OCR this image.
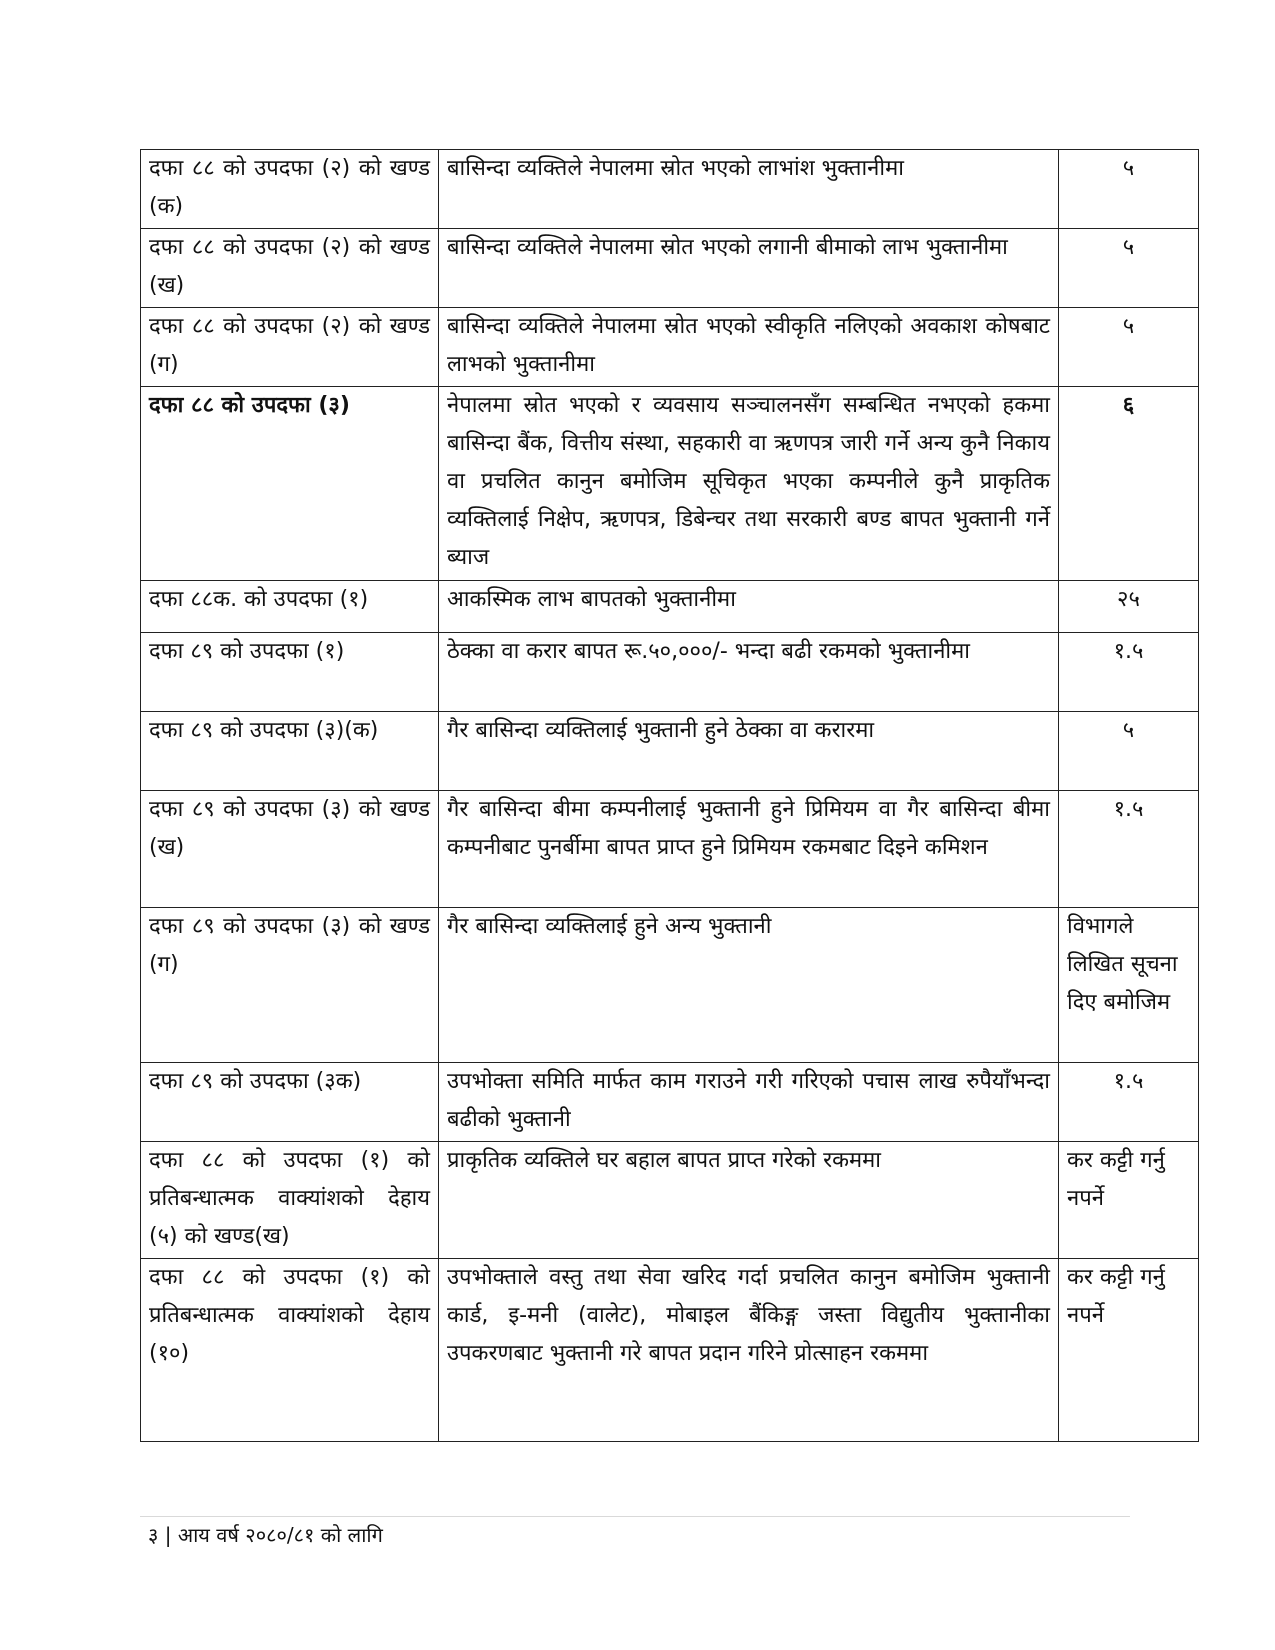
दफा ८८ को उपदफा (२) को खण्ड (क)	बासिन्दा व्यक्तिले नेपालमा स्रोत भएको लाभांश भुक्तानीमा	५
दफा ८८ को उपदफा (२) को खण्ड (ख)	बासिन्दा व्यक्तिले नेपालमा स्रोत भएको लगानी बीमाको लाभ भुक्तानीमा	५
दफा ८८ को उपदफा (२) को खण्ड (ग)	बासिन्दा व्यक्तिले नेपालमा स्रोत भएको स्वीकृति नलिएको अवकाश कोषबाट लाभको भुक्तानीमा	५
दफा ८८ को उपदफा (३)	नेपालमा स्रोत भएको र व्यवसाय सञ्चालनसँग सम्बन्धित नभएको हकमा बासिन्दा बैंक, वित्तीय संस्था, सहकारी वा ऋणपत्र जारी गर्ने अन्य कुनै निकाय वा प्रचलित कानुन बमोजिम सूचिकृत भएका कम्पनीले कुनै प्राकृतिक व्यक्तिलाई निक्षेप, ऋणपत्र, डिबेन्चर तथा सरकारी बण्ड बापत भुक्तानी गर्ने ब्याज	६
दफा ८८क. को उपदफा (१)	आकस्मिक लाभ बापतको भुक्तानीमा	२५
दफा ८९ को उपदफा (१)	ठेक्का वा करार बापत रू.५०,०००/- भन्दा बढी रकमको भुक्तानीमा	१.५
दफा ८९ को उपदफा (३)(क)	गैर बासिन्दा व्यक्तिलाई भुक्तानी हुने ठेक्का वा करारमा	५
दफा ८९ को उपदफा (३) को खण्ड (ख)	गैर बासिन्दा बीमा कम्पनीलाई भुक्तानी हुने प्रिमियम वा गैर बासिन्दा बीमा कम्पनीबाट पुनर्बीमा बापत प्राप्त हुने प्रिमियम रकमबाट दिइने कमिशन	१.५
दफा ८९ को उपदफा (३) को खण्ड (ग)	गैर बासिन्दा व्यक्तिलाई हुने अन्य भुक्तानी	विभागले लिखित सूचना दिए बमोजिम
दफा ८९ को उपदफा (३क)	उपभोक्ता समिति मार्फत काम गराउने गरी गरिएको पचास लाख रुपैयाँभन्दा बढीको भुक्तानी	१.५
दफा ८८ को उपदफा (१) को प्रतिबन्धात्मक वाक्यांशको देहाय (५) को खण्ड(ख)	प्राकृतिक व्यक्तिले घर बहाल बापत प्राप्त गरेको रकममा	कर कट्टी गर्नु नपर्ने
दफा ८८ को उपदफा (१) को प्रतिबन्धात्मक वाक्यांशको देहाय (१०)	उपभोक्ताले वस्तु तथा सेवा खरिद गर्दा प्रचलित कानुन बमोजिम भुक्तानी कार्ड, इ-मनी (वालेट), मोबाइल बैंकिङ्ग जस्ता विद्युतीय भुक्तानीका उपकरणबाट भुक्तानी गरे बापत प्रदान गरिने प्रोत्साहन रकममा	कर कट्टी गर्नु नपर्ने
३ | आय वर्ष २०८०/८१ को लागि
